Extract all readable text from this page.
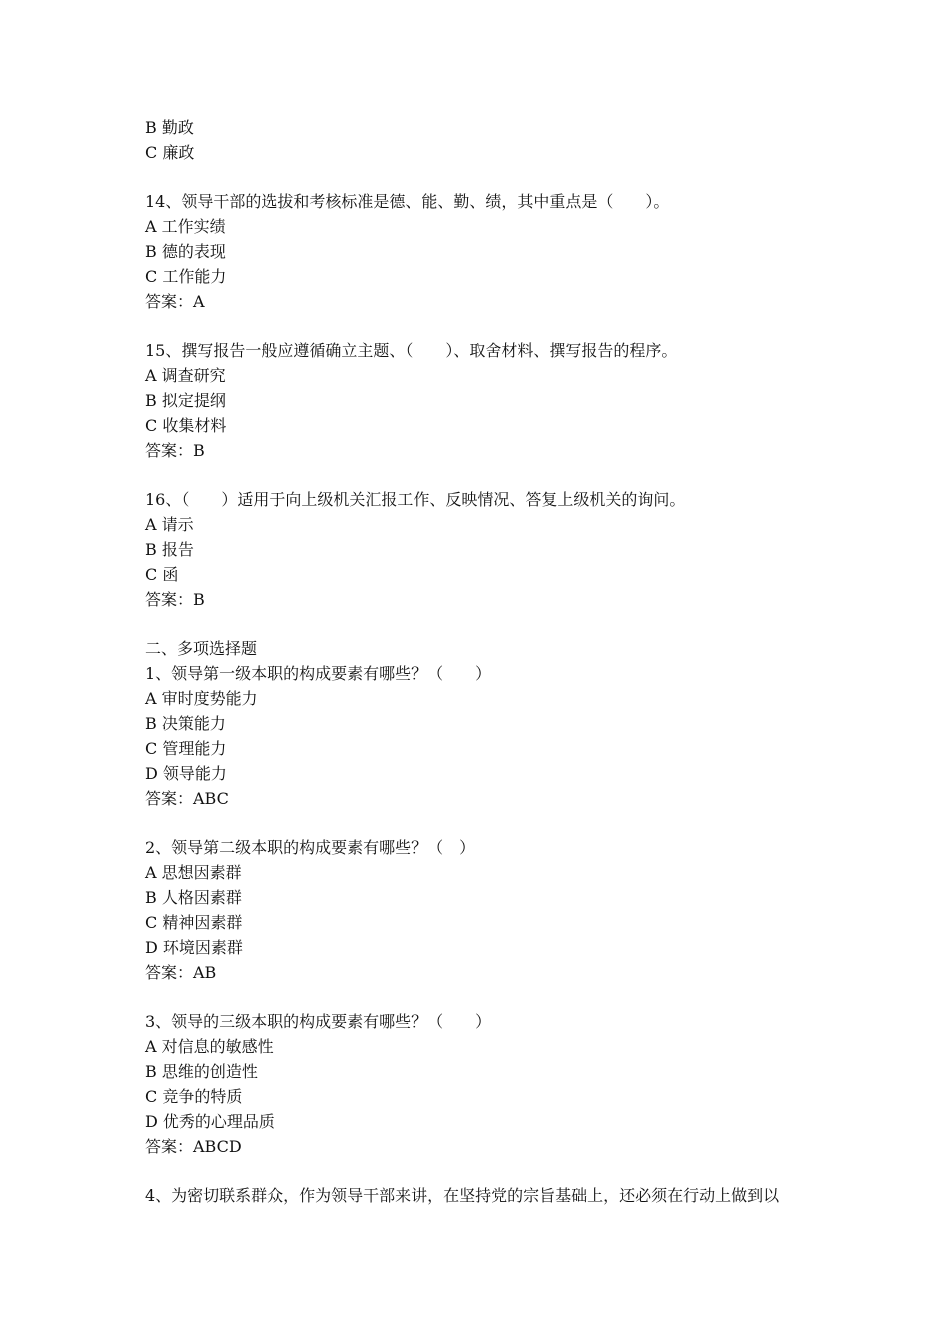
B 勤政
C 廉政
14、领导干部的选拔和考核标准是德、能、勤、绩，其中重点是（　　）。
A 工作实绩
B 德的表现
C 工作能力
答案：A
15、撰写报告一般应遵循确立主题、（　　）、取舍材料、撰写报告的程序。
A 调查研究
B 拟定提纲
C 收集材料
答案：B
16、（　　）适用于向上级机关汇报工作、反映情况、答复上级机关的询问。
A 请示
B 报告
C 函
答案：B
二、多项选择题
1、领导第一级本职的构成要素有哪些？（　　）
A 审时度势能力
B 决策能力
C 管理能力
D 领导能力
答案：ABC
2、领导第二级本职的构成要素有哪些？（　）
A 思想因素群
B 人格因素群
C 精神因素群
D 环境因素群
答案：AB
3、领导的三级本职的构成要素有哪些？（　　）
A 对信息的敏感性
B 思维的创造性
C 竞争的特质
D 优秀的心理品质
答案：ABCD
4、为密切联系群众，作为领导干部来讲，在坚持党的宗旨基础上，还必须在行动上做到以
